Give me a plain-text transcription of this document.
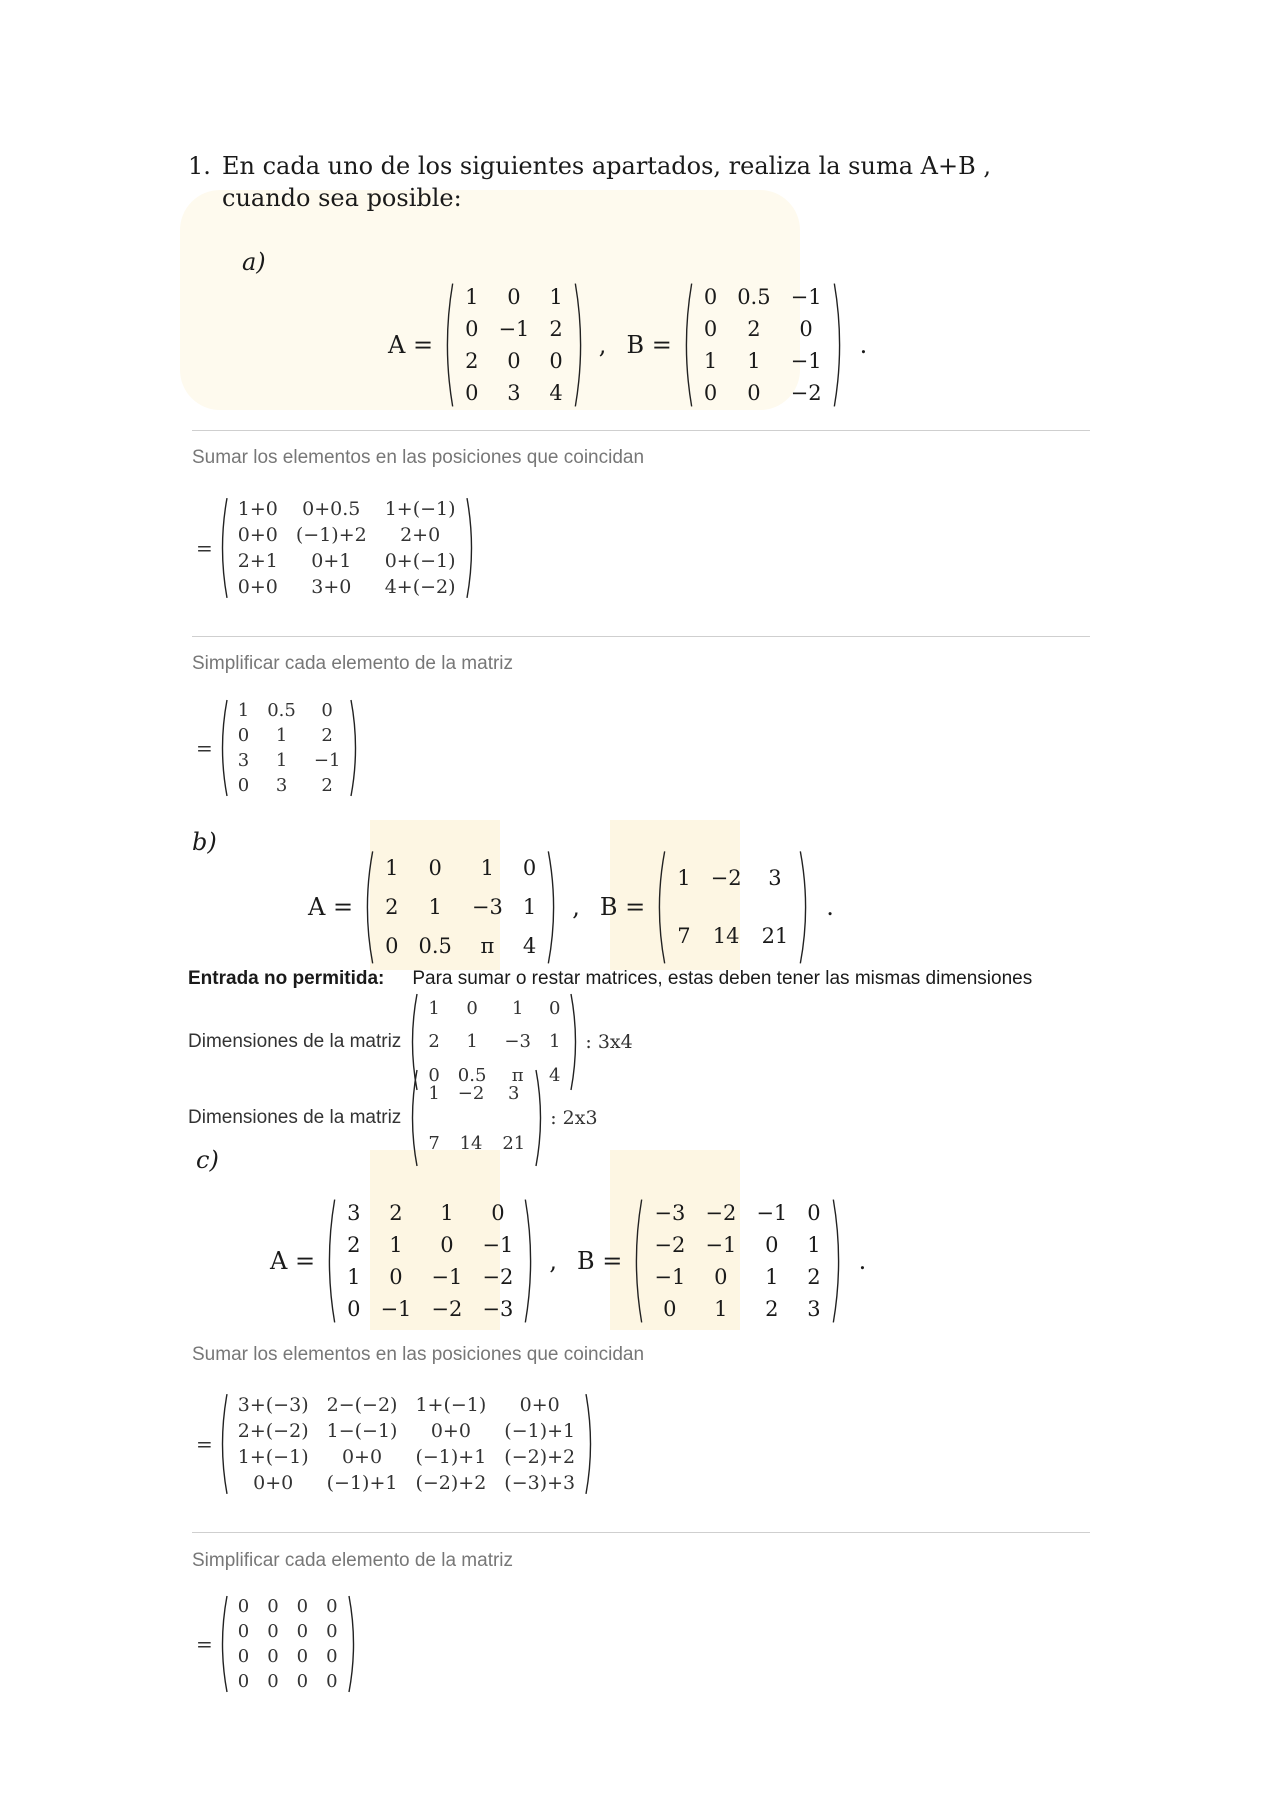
1. En cada uno de los siguientes apartados, realiza la suma A+B , cuando sea posible:
a)
A =
1	0	1
0	−1	2
2	0	0
0	3	4
, B =
0	0.5	−1
0	2	0
1	1	−1
0	0	−2
.
Sumar los elementos en las posiciones que coincidan
=
1+0	0+0.5	1+(−1)
0+0	(−1)+2	2+0
2+1	0+1	0+(−1)
0+0	3+0	4+(−2)
Simplificar cada elemento de la matriz
=
1	0.5	0
0	1	2
3	1	−1
0	3	2
b)
A =
1	0	1	0
2	1	−3	1
0	0.5	π	4
, B =
1	−2	3
7	14	21
.
Entrada no permitida: Para sumar o restar matrices, estas deben tener las mismas dimensiones
Dimensiones de la matriz
1	0	1	0
2	1	−3	1
0	0.5	π	4
: 3x4
Dimensiones de la matriz
1	−2	3
7	14	21
: 2x3
c)
A =
3	2	1	0
2	1	0	−1
1	0	−1	−2
0	−1	−2	−3
, B =
−3	−2	−1	0
−2	−1	0	1
−1	0	1	2
0	1	2	3
.
Sumar los elementos en las posiciones que coincidan
=
3+(−3)	2−(−2)	1+(−1)	0+0
2+(−2)	1−(−1)	0+0	(−1)+1
1+(−1)	0+0	(−1)+1	(−2)+2
0+0	(−1)+1	(−2)+2	(−3)+3
Simplificar cada elemento de la matriz
=
0	0	0	0
0	0	0	0
0	0	0	0
0	0	0	0
